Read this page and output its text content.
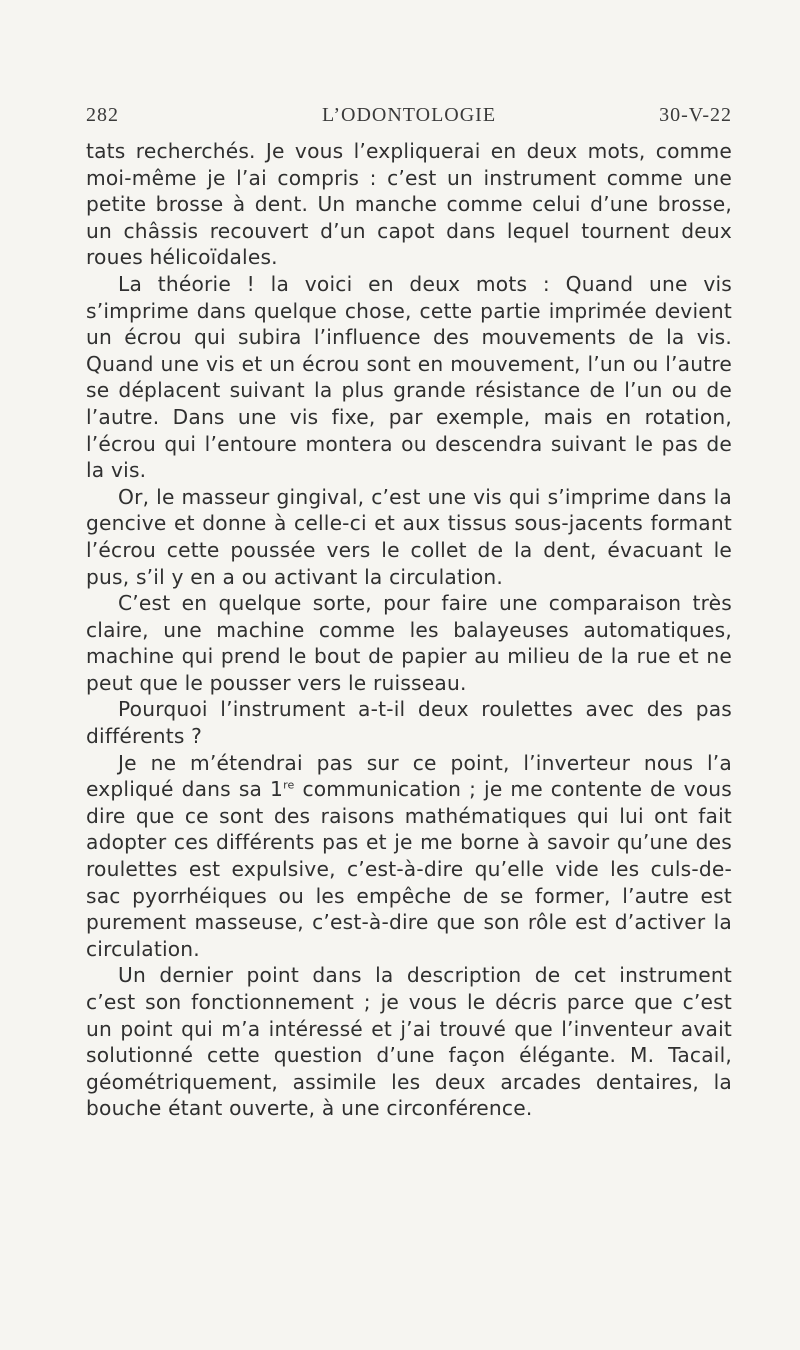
282	L’ODONTOLOGIE	30-V-22

tats recherchés. Je vous l’expliquerai en deux mots, comme moi-même je l’ai compris : c’est un instrument comme une petite brosse à dent. Un manche comme celui d’une brosse, un châssis recouvert d’un capot dans lequel tournent deux roues hélicoïdales.

La théorie ! la voici en deux mots : Quand une vis s’imprime dans quelque chose, cette partie imprimée devient un écrou qui subira l’influence des mouvements de la vis. Quand une vis et un écrou sont en mouvement, l’un ou l’autre se déplacent suivant la plus grande résistance de l’un ou de l’autre. Dans une vis fixe, par exemple, mais en rotation, l’écrou qui l’entoure montera ou descendra suivant le pas de la vis.

Or, le masseur gingival, c’est une vis qui s’imprime dans la gencive et donne à celle-ci et aux tissus sous-jacents formant l’écrou cette poussée vers le collet de la dent, évacuant le pus, s’il y en a ou activant la circulation.

C’est en quelque sorte, pour faire une comparaison très claire, une machine comme les balayeuses automatiques, machine qui prend le bout de papier au milieu de la rue et ne peut que le pousser vers le ruisseau.

Pourquoi l’instrument a-t-il deux roulettes avec des pas différents ?

Je ne m’étendrai pas sur ce point, l’inverteur nous l’a expliqué dans sa 1re communication ; je me contente de vous dire que ce sont des raisons mathématiques qui lui ont fait adopter ces différents pas et je me borne à savoir qu’une des roulettes est expulsive, c’est-à-dire qu’elle vide les culs-de-sac pyorrhéiques ou les empêche de se former, l’autre est purement masseuse, c’est-à-dire que son rôle est d’activer la circulation.

Un dernier point dans la description de cet instrument c’est son fonctionnement ; je vous le décris parce que c’est un point qui m’a intéressé et j’ai trouvé que l’inventeur avait solutionné cette question d’une façon élégante. M. Tacail, géométriquement, assimile les deux arcades dentaires, la bouche étant ouverte, à une circonférence.
